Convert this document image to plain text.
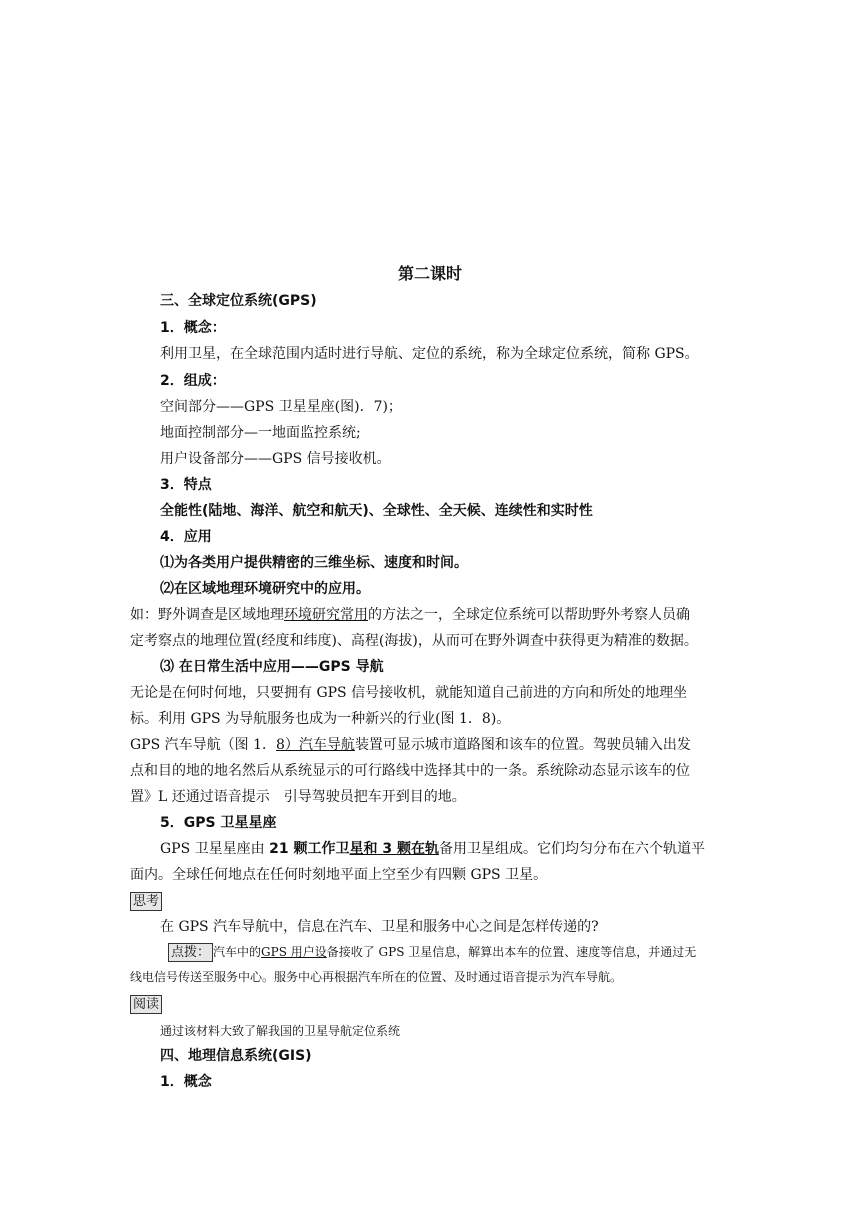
第二课时
三、全球定位系统(GPS)
1．概念：
利用卫星，在全球范围内适时进行导航、定位的系统，称为全球定位系统，简称 GPS。
2．组成：
空间部分——GPS 卫星星座(图)．7)；
地面控制部分—一地面监控系统;
用户设备部分——GPS 信号接收机。
3．特点
全能性(陆地、海洋、航空和航天)、全球性、全天候、连续性和实时性
4．应用
⑴为各类用户提供精密的三维坐标、速度和时间。
⑵在区域地理环境研究中的应用。
如：野外调查是区域地理环境研究常用的方法之一，全球定位系统可以帮助野外考察人员确
定考察点的地理位置(经度和纬度)、高程(海拔)，从而可在野外调查中获得更为精准的数据。
⑶ 在日常生活中应用——GPS 导航
无论是在何时何地，只要拥有 GPS 信号接收机，就能知道自己前进的方向和所处的地理坐
标。利用 GPS 为导航服务也成为一种新兴的行业(图 1．8)。
GPS 汽车导航（图 1．8）汽车导航装置可显示城市道路图和该车的位置。驾驶员辅入出发
点和目的地的地名然后从系统显示的可行路线中选择其中的一条。系统除动态显示该车的位
置》L 还通过语音提示　引导驾驶员把车开到目的地。
5．GPS 卫星星座
GPS 卫星星座由 21 颗工作卫星和 3 颗在轨备用卫星组成。它们均匀分布在六个轨道平
面内。全球任何地点在任何时刻地平面上空至少有四颗 GPS 卫星。
思考
在 GPS 汽车导航中，信息在汽车、卫星和服务中心之间是怎样传递的?
点拨： 汽车中的GPS 用户设备接收了 GPS 卫星信息，解算出本车的位置、速度等信息，并通过无
线电信号传送至服务中心。服务中心再根据汽车所在的位置、及时通过语音提示为汽车导航。
阅读
通过该材料大致了解我国的卫星导航定位系统
四、地理信息系统(GIS)
1．概念
